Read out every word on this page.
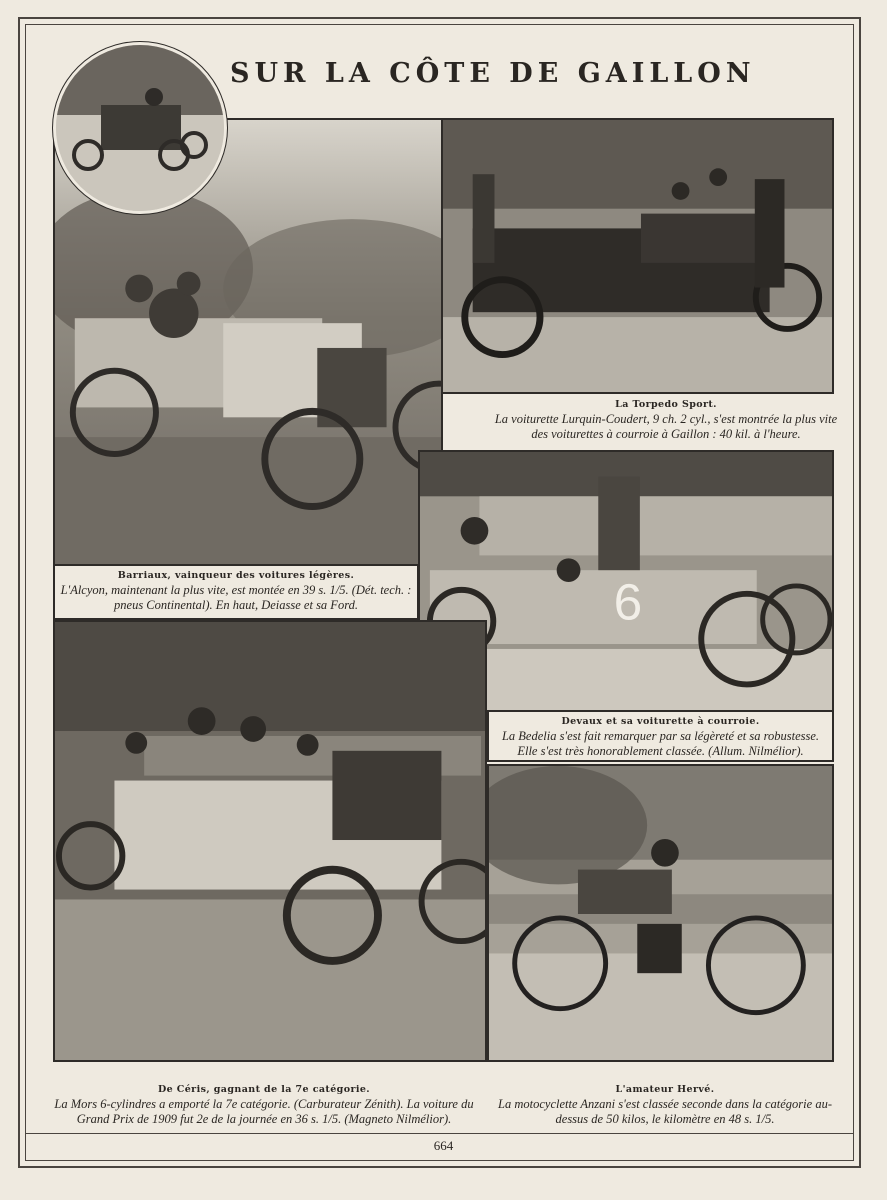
SUR LA CÔTE DE GAILLON
La Torpedo Sport.
La voiturette Lurquin-Coudert, 9 ch. 2 cyl., s'est montrée la plus vite des voiturettes à courroie à Gaillon : 40 kil. à l'heure.
6
Barriaux, vainqueur des voitures légères.
L'Alcyon, maintenant la plus vite, est montée en 39 s. 1/5. (Dét. tech. : pneus Continental). En haut, Deiasse et sa Ford.
Devaux et sa voiturette à courroie.
La Bedelia s'est fait remarquer par sa légèreté et sa robustesse. Elle s'est très honorablement classée. (Allum. Nilmélior).
De Céris, gagnant de la 7e catégorie.
La Mors 6-cylindres a emporté la 7e catégorie. (Carburateur Zénith). La voiture du Grand Prix de 1909 fut 2e de la journée en 36 s. 1/5. (Magneto Nilmélior).
L'amateur Hervé.
La motocyclette Anzani s'est classée seconde dans la catégorie au-dessus de 50 kilos, le kilomètre en 48 s. 1/5.
664
